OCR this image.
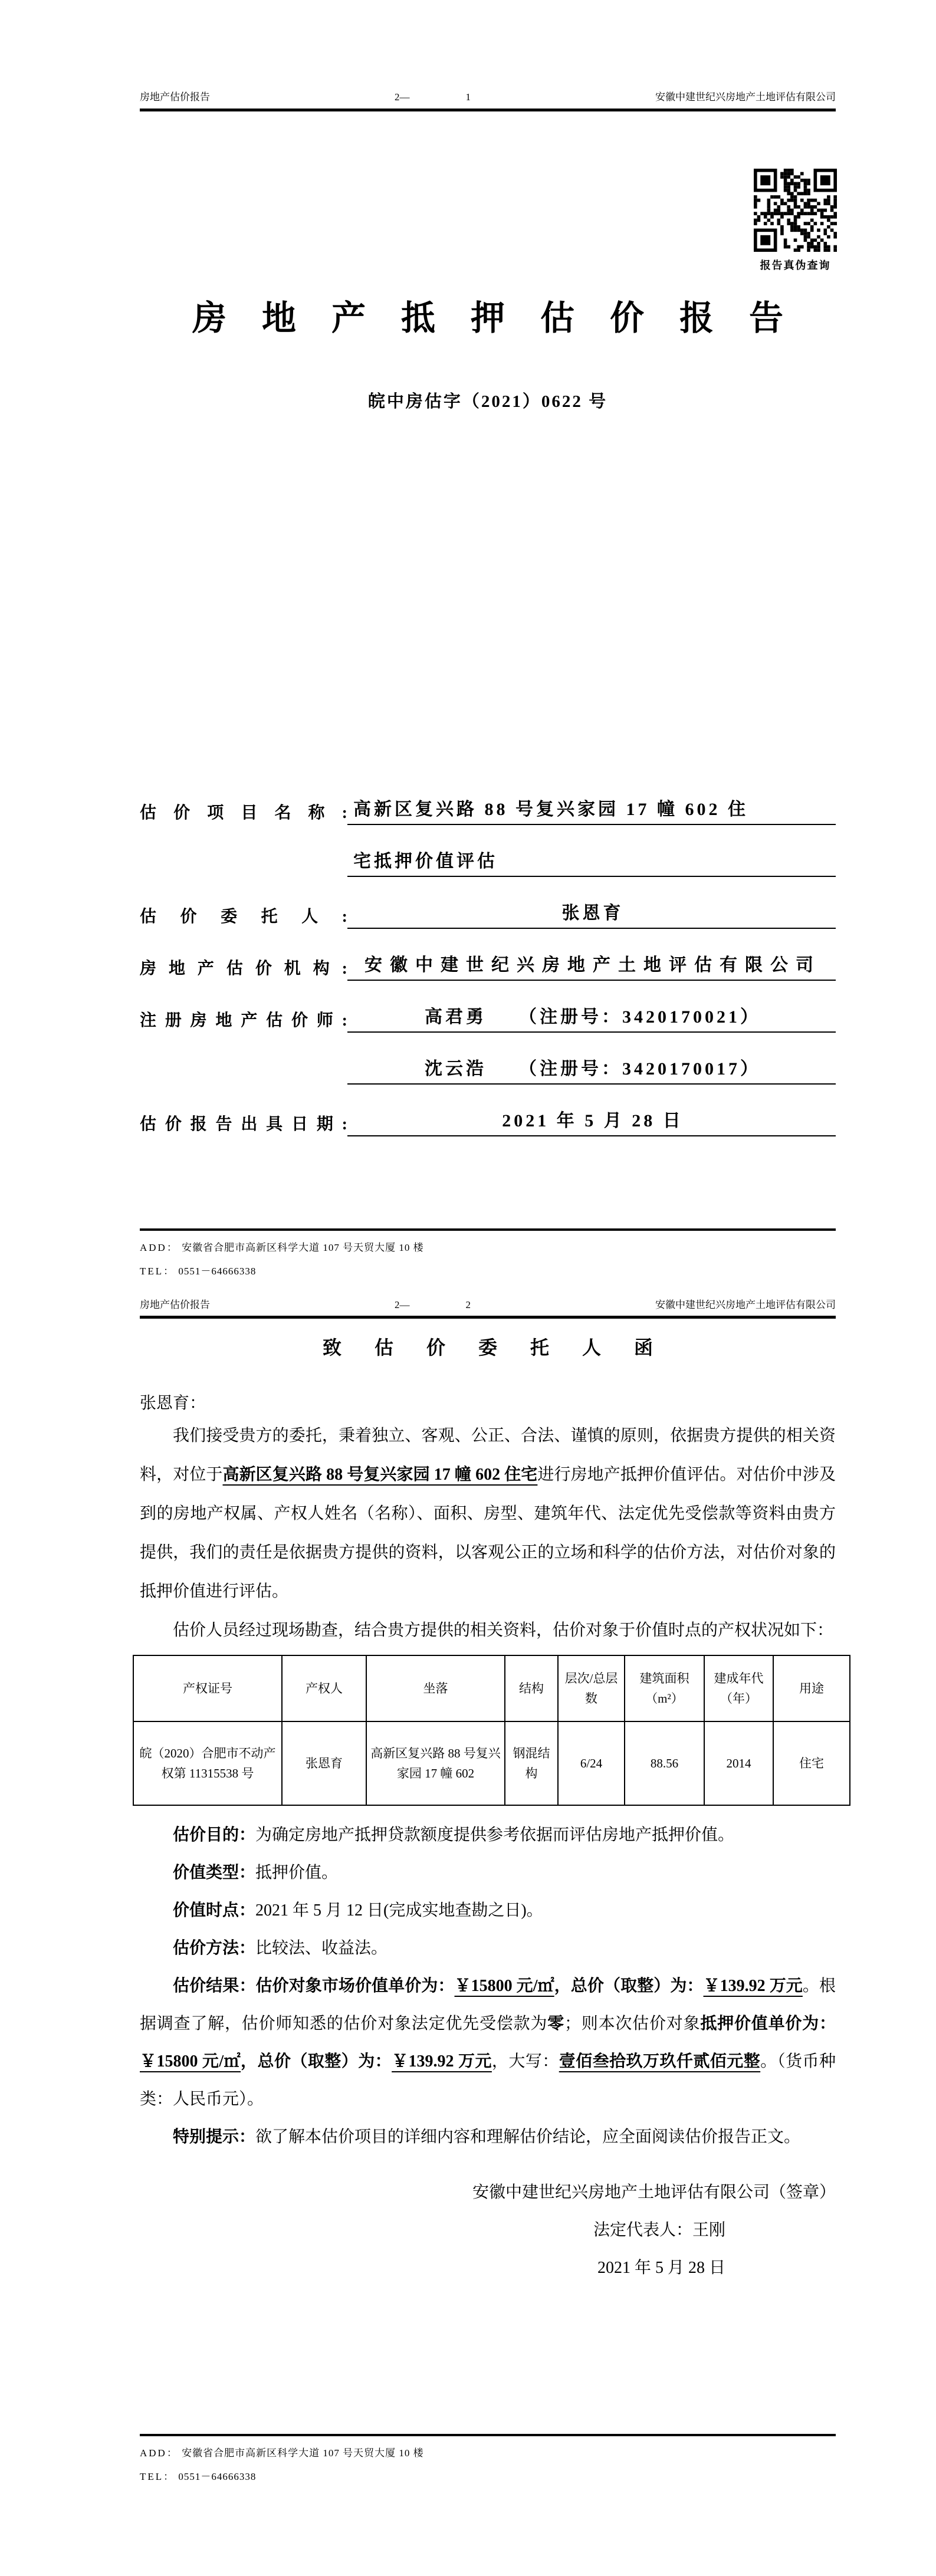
房地产估价报告	2—	1	安徽中建世纪兴房地产土地评估有限公司
报告真伪查询
房地产抵押估价报告
皖中房估字（2021）0622 号
估价项目名称: 高新区复兴路 88 号复兴家园 17 幢 602 住
宅抵押价值评估
估价委托人:	张恩育
房地产估价机构: 安徽中建世纪兴房地产土地评估有限公司
注册房地产估价师:	高君勇　　（注册号：3420170021）
沈云浩　　（注册号：3420170017）
估价报告出具日期:	2021 年 5 月 28 日
ADD： 安徽省合肥市高新区科学大道 107 号天贸大厦 10 楼
TEL： 0551－64666338
房地产估价报告	2—	2	安徽中建世纪兴房地产土地评估有限公司
致估价委托人函
张恩育：

我们接受贵方的委托，秉着独立、客观、公正、合法、谨慎的原则，依据贵方提供的相关资料，对位于高新区复兴路 88 号复兴家园 17 幢 602 住宅进行房地产抵押价值评估。对估价中涉及到的房地产权属、产权人姓名（名称）、面积、房型、建筑年代、法定优先受偿款等资料由贵方提供，我们的责任是依据贵方提供的资料，以客观公正的立场和科学的估价方法，对估价对象的抵押价值进行评估。

估价人员经过现场勘查，结合贵方提供的相关资料，估价对象于价值时点的产权状况如下：

产权证号	产权人	坐落	结构	层次/总层数	建筑面积（m²）	建成年代（年）	用途
皖（2020）合肥市不动产权第 11315538 号	张恩育	高新区复兴路 88 号复兴家园 17 幢 602	钢混结构	6/24	88.56	2014	住宅

估价目的：为确定房地产抵押贷款额度提供参考依据而评估房地产抵押价值。

价值类型：抵押价值。

价值时点：2021 年 5 月 12 日(完成实地查勘之日)。

估价方法：比较法、收益法。

估价结果：估价对象市场价值单价为：￥15800 元/㎡，总价（取整）为：￥139.92 万元。根据调查了解，估价师知悉的估价对象法定优先受偿款为零；则本次估价对象抵押价值单价为：￥15800 元/㎡，总价（取整）为：￥139.92 万元，大写：壹佰叁拾玖万玖仟贰佰元整。（货币种类：人民币元）。

特别提示：欲了解本估价项目的详细内容和理解估价结论，应全面阅读估价报告正文。

安徽中建世纪兴房地产土地评估有限公司（签章）
法定代表人：王刚
2021 年 5 月 28 日
ADD： 安徽省合肥市高新区科学大道 107 号天贸大厦 10 楼
TEL： 0551－64666338
